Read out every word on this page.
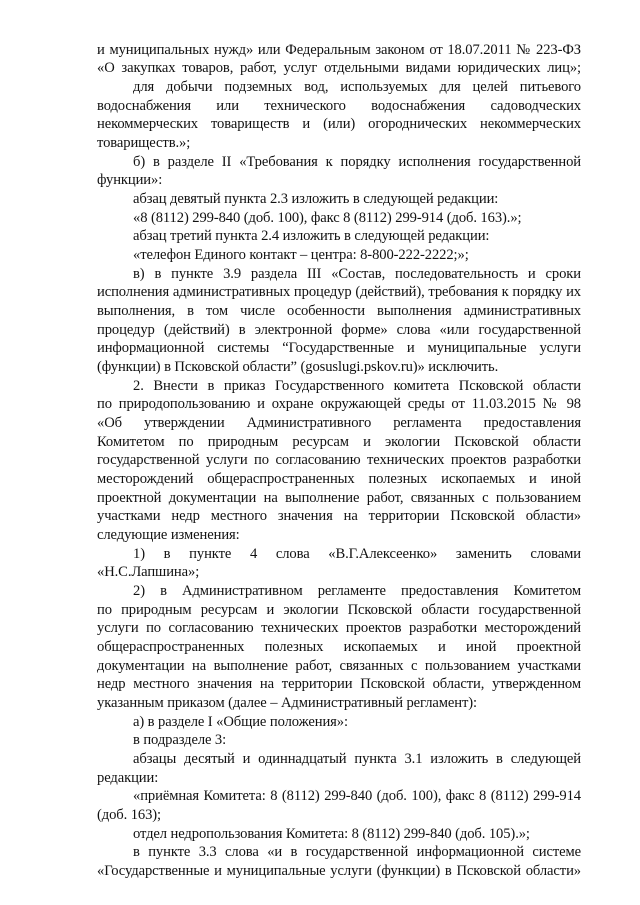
и муниципальных нужд» или Федеральным законом от 18.07.2011 № 223-ФЗ
«О закупках товаров, работ, услуг отдельными видами юридических лиц»;
для добычи подземных вод, используемых для целей питьевого
водоснабжения или технического водоснабжения садоводческих
некоммерческих товариществ и (или) огороднических некоммерческих
товариществ.»;
б) в разделе II «Требования к порядку исполнения государственной
функции»:
абзац девятый пункта 2.3 изложить в следующей редакции:
«8 (8112) 299-840 (доб. 100), факс 8 (8112) 299-914 (доб. 163).»;
абзац третий пункта 2.4 изложить в следующей редакции:
«телефон Единого контакт – центра: 8-800-222-2222;»;
в) в пункте 3.9 раздела III «Состав, последовательность и сроки
исполнения административных процедур (действий), требования к порядку их
выполнения, в том числе особенности выполнения административных
процедур (действий) в электронной форме» слова «или государственной
информационной системы “Государственные и муниципальные услуги
(функции) в Псковской области” (gosuslugi.pskov.ru)» исключить.
2. Внести в приказ Государственного комитета Псковской области
по природопользованию и охране окружающей среды от 11.03.2015 № 98
«Об утверждении Административного регламента предоставления
Комитетом по природным ресурсам и экологии Псковской области
государственной услуги по согласованию технических проектов разработки
месторождений общераспространенных полезных ископаемых и иной
проектной документации на выполнение работ, связанных с пользованием
участками недр местного значения на территории Псковской области»
следующие изменения:
1) в пункте 4 слова «В.Г.Алексеенко» заменить словами
«Н.С.Лапшина»;
2) в Административном регламенте предоставления Комитетом
по природным ресурсам и экологии Псковской области государственной
услуги по согласованию технических проектов разработки месторождений
общераспространенных полезных ископаемых и иной проектной
документации на выполнение работ, связанных с пользованием участками
недр местного значения на территории Псковской области, утвержденном
указанным приказом (далее – Административный регламент):
а) в разделе I «Общие положения»:
в подразделе 3:
абзацы десятый и одиннадцатый пункта 3.1 изложить в следующей
редакции:
«приёмная Комитета: 8 (8112) 299-840 (доб. 100), факс 8 (8112) 299-914
(доб. 163);
отдел недропользования Комитета: 8 (8112) 299-840 (доб. 105).»;
в пункте 3.3 слова «и в государственной информационной системе
«Государственные и муниципальные услуги (функции) в Псковской области»
